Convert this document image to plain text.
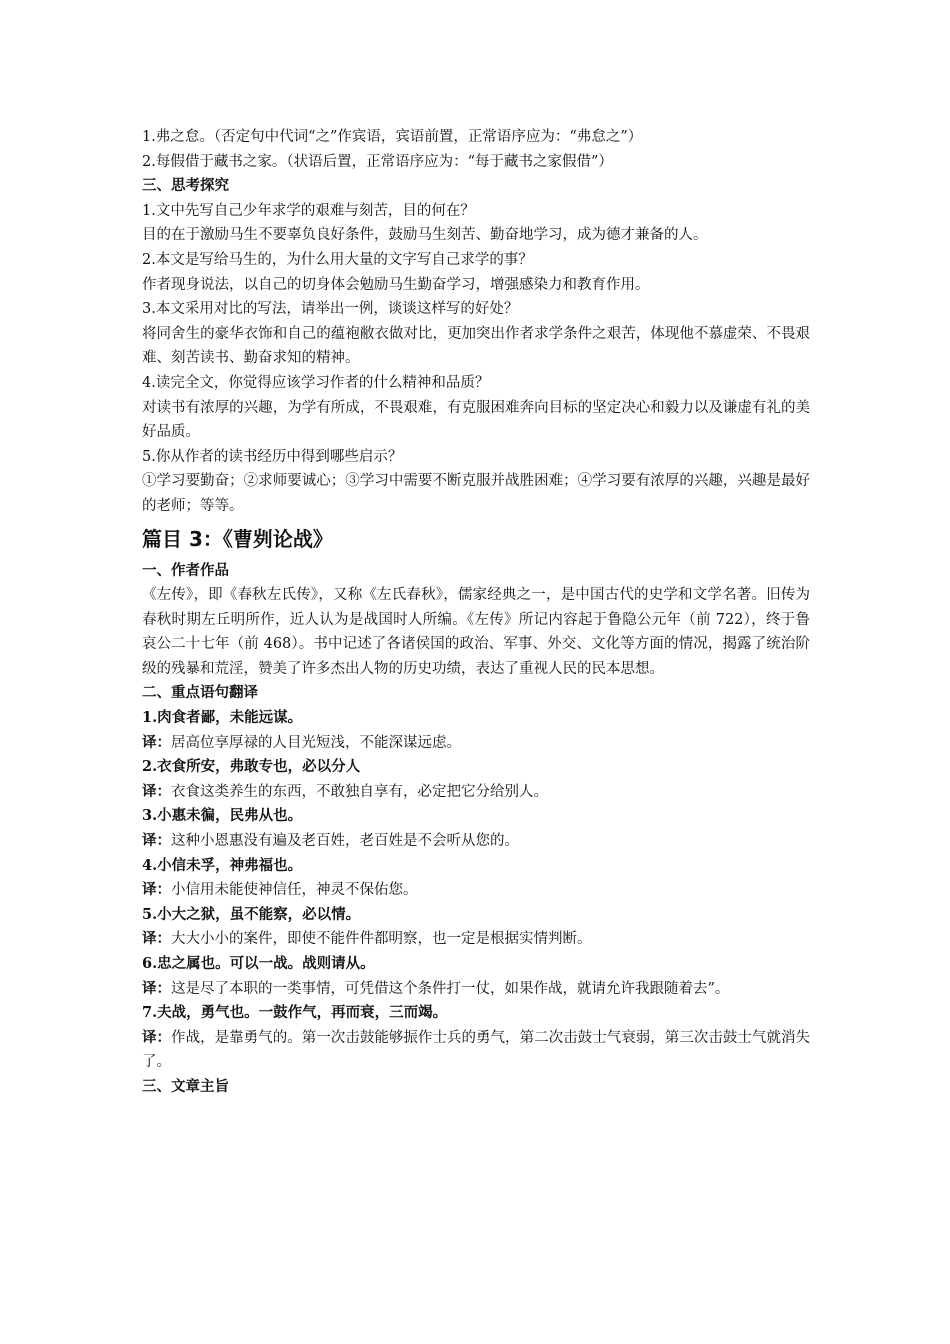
1.弗之怠。（否定句中代词“之”作宾语，宾语前置，正常语序应为：“弗怠之”）

2.每假借于藏书之家。（状语后置，正常语序应为：“每于藏书之家假借”）

三、思考探究

1.文中先写自己少年求学的艰难与刻苦，目的何在？

目的在于激励马生不要辜负良好条件，鼓励马生刻苦、勤奋地学习，成为德才兼备的人。

2.本文是写给马生的，为什么用大量的文字写自己求学的事？

作者现身说法，以自己的切身体会勉励马生勤奋学习，增强感染力和教育作用。

3.本文采用对比的写法，请举出一例，谈谈这样写的好处？

将同舍生的豪华衣饰和自己的蕴袍敝衣做对比，更加突出作者求学条件之艰苦，体现他不慕虚荣、不畏艰难、刻苦读书、勤奋求知的精神。

4.读完全文，你觉得应该学习作者的什么精神和品质？

对读书有浓厚的兴趣，为学有所成，不畏艰难，有克服困难奔向目标的坚定决心和毅力以及谦虚有礼的美好品质。

5.你从作者的读书经历中得到哪些启示？

①学习要勤奋；②求师要诚心；③学习中需要不断克服并战胜困难；④学习要有浓厚的兴趣，兴趣是最好的老师；等等。

篇目 3：《曹刿论战》

一、作者作品

《左传》，即《春秋左氏传》，又称《左氏春秋》，儒家经典之一，是中国古代的史学和文学名著。旧传为春秋时期左丘明所作，近人认为是战国时人所编。《左传》所记内容起于鲁隐公元年（前 722），终于鲁哀公二十七年（前 468）。书中记述了各诸侯国的政治、军事、外交、文化等方面的情况，揭露了统治阶级的残暴和荒淫，赞美了许多杰出人物的历史功绩，表达了重视人民的民本思想。

二、重点语句翻译

1.肉食者鄙，未能远谋。

译：居高位享厚禄的人目光短浅，不能深谋远虑。

2.衣食所安，弗敢专也，必以分人

译：衣食这类养生的东西，不敢独自享有，必定把它分给别人。

3.小惠未徧，民弗从也。

译：这种小恩惠没有遍及老百姓，老百姓是不会听从您的。

4.小信未孚，神弗福也。

译：小信用未能使神信任，神灵不保佑您。

5.小大之狱，虽不能察，必以情。

译：大大小小的案件，即使不能件件都明察，也一定是根据实情判断。

6.忠之属也。可以一战。战则请从。

译：这是尽了本职的一类事情，可凭借这个条件打一仗，如果作战，就请允许我跟随着去”。

7.夫战，勇气也。一鼓作气，再而衰，三而竭。

译：作战，是靠勇气的。第一次击鼓能够振作士兵的勇气，第二次击鼓士气衰弱，第三次击鼓士气就消失了。

三、文章主旨
